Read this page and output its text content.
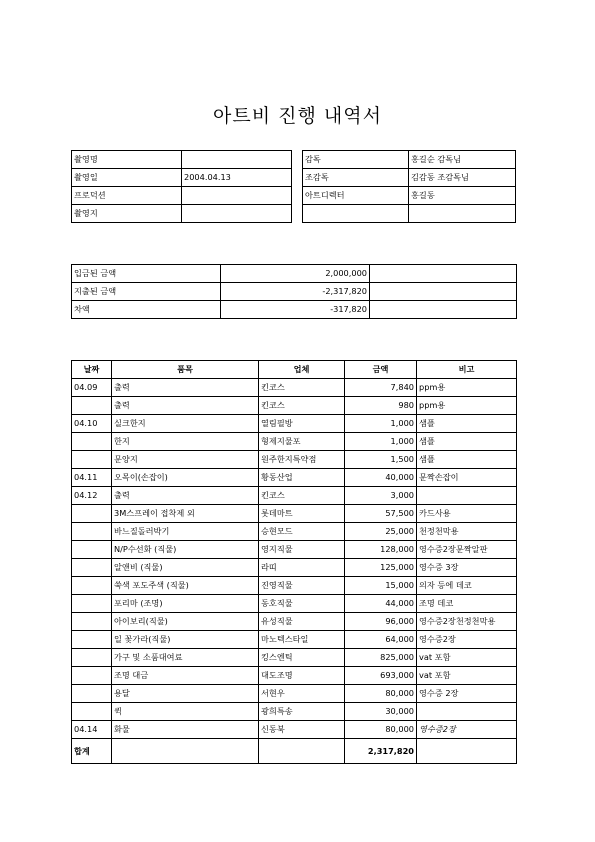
아트비 진행 내역서
촬영명	
촬영일	2004.04.13
프로덕션	
촬영지	
감독	홍길순 감독님
조감독	김감동 조감독님
아트디렉터	홍길동

입금된 금액	2,000,000	
지출된 금액	-2,317,820	
차액	-317,820	
날짜	품목	업체	금액	비고
04.09	출력	킨코스	7,840	ppm용
	출력	킨코스	980	ppm용
04.10	실크한지	열림필방	1,000	샘플
	한지	형제지물포	1,000	샘플
	문양지	원주한지특약점	1,500	샘플
04.11	오목이(손잡이)	황동산업	40,000	문짝손잡이
04.12	출력	킨코스	3,000	
	3M스프레이 접착제 외	롯데마트	57,500	카드사용
	바느질돌러박기	승현모드	25,000	천정천막용
	N/P수선화 (직물)	영지직물	128,000	영수증2장문짝알판
	알앤비 (직물)	라띠	125,000	영수증 3장
	쑥색 포도주색 (직물)	진영직물	15,000	의자 등에 데코
	포리마 (조명)	동호직물	44,000	조명 데코
	아이보리(직물)	유성직물	96,000	영수증2장천정천막용
	일 꽃가라(직물)	마노텍스타일	64,000	영수증2장
	가구 및 소품대여료	킹스엔틱	825,000	vat 포함
	조명 대금	대도조명	693,000	vat 포함
	용달	서현우	80,000	영수증 2장
	퀵	광희특송	30,000	
04.14	화물	신동북	80,000	영수증2장
합계			2,317,820	
